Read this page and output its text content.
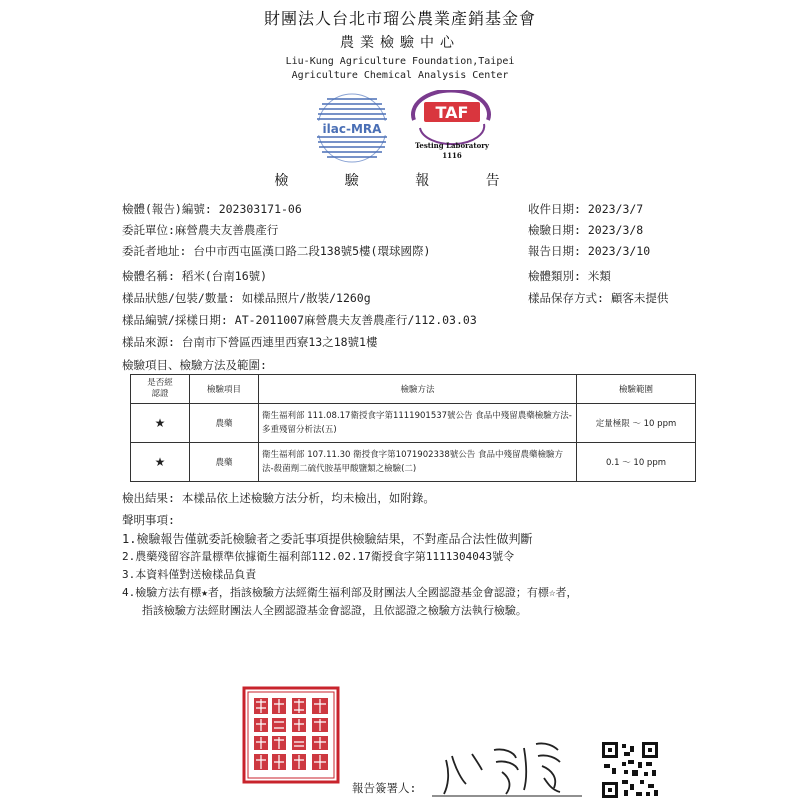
財團法人台北市瑠公農業產銷基金會
農業檢驗中心
Liu-Kung Agriculture Foundation,Taipei
Agriculture Chemical Analysis Center
ilac-MRA
TAF
Testing Laboratory
1116
檢 驗 報 告
檢體(報告)編號: 202303171-06
委託單位:麻營農夫友善農產行
委託者地址: 台中市西屯區漢口路二段138號5樓(環球國際)
檢體名稱: 稻米(台南16號)
樣品狀態/包裝/數量: 如樣品照片/散裝/1260g
樣品編號/採樣日期: AT-2011007麻營農夫友善農產行/112.03.03
樣品來源: 台南市下營區西連里西寮13之18號1樓
收件日期: 2023/3/7
檢驗日期: 2023/3/8
報告日期: 2023/3/10
檢體類別: 米類
樣品保存方式: 顧客未提供
檢驗項目、檢驗方法及範圍:
是否經
認證	檢驗項目	檢驗方法	檢驗範圍
★	農藥	衛生福利部 111.08.17衛授食字第1111901537號公告 食品中殘留農藥檢驗方法-多重殘留分析法(五)	定量極限 ～ 10 ppm
★	農藥	衛生福利部 107.11.30 衛授食字第1071902338號公告 食品中殘留農藥檢驗方法-殺菌劑二硫代胺基甲酸鹽類之檢驗(二)	0.1 ～ 10 ppm
檢出結果: 本樣品依上述檢驗方法分析，均未檢出，如附錄。
聲明事項:
1.檢驗報告僅就委託檢驗者之委託事項提供檢驗結果，不對產品合法性做判斷
2.農藥殘留容許量標準依據衛生福利部112.02.17衛授食字第1111304043號令
3.本資料僅對送檢樣品負責
4.檢驗方法有標★者，指該檢驗方法經衛生福利部及財團法人全國認證基金會認證；有標☆者，
指該檢驗方法經財團法人全國認證基金會認證，且依認證之檢驗方法執行檢驗。
報告簽署人:
